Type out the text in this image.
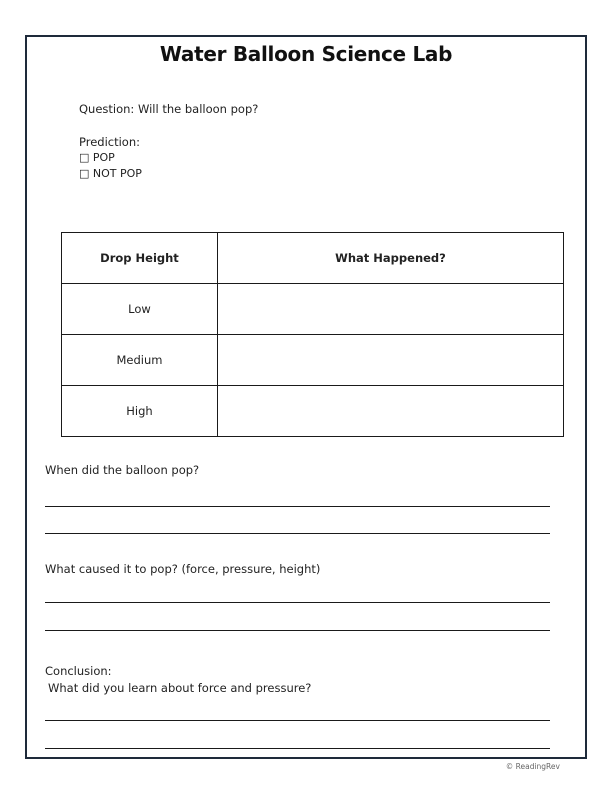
Water Balloon Science Lab
Question: Will the balloon pop?
Prediction:
□ POP
□ NOT POP
Drop Height	What Happened?
Low	
Medium	
High	
When did the balloon pop?
What caused it to pop? (force, pressure, height)
Conclusion:
What did you learn about force and pressure?
© ReadingRev
